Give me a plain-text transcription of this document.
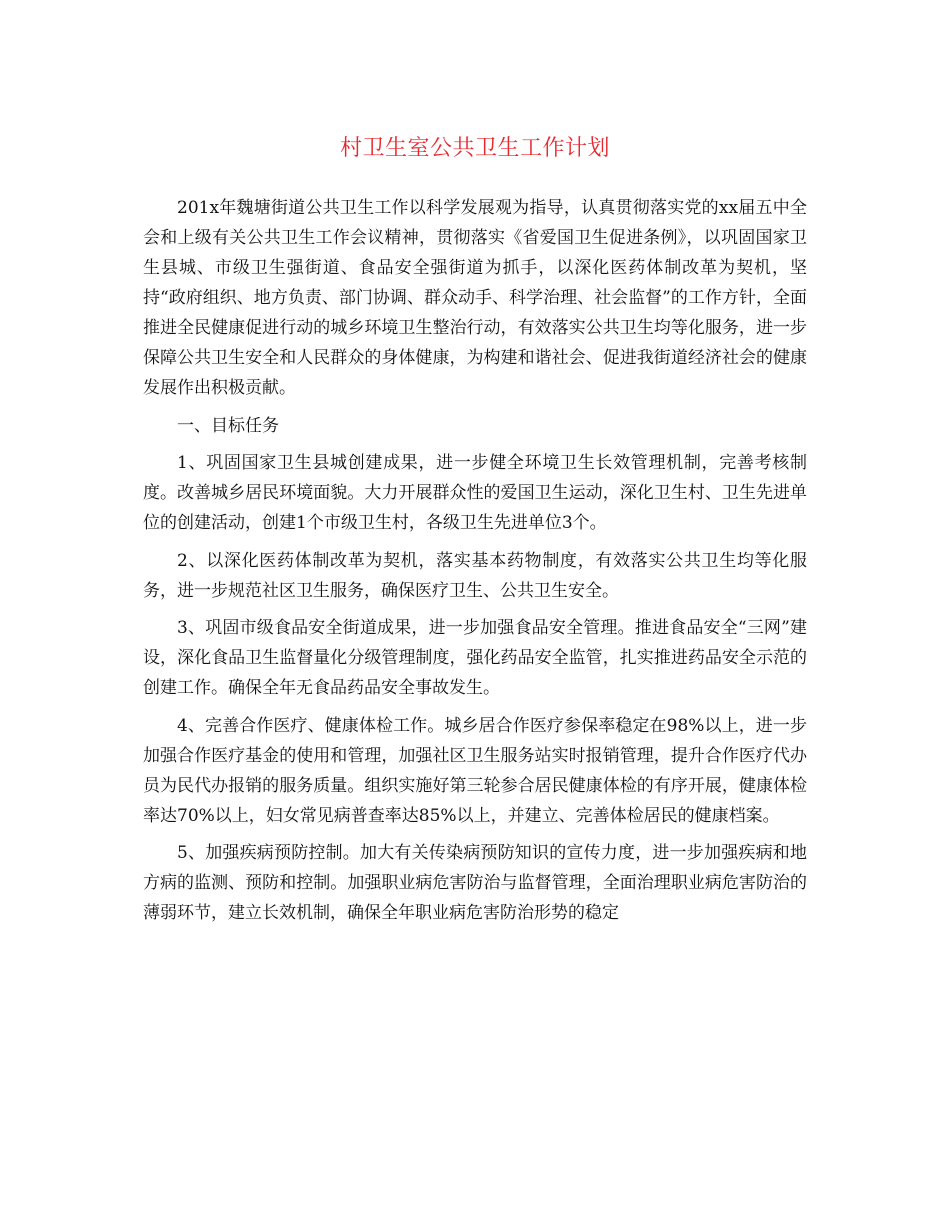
村卫生室公共卫生工作计划

201x年魏塘街道公共卫生工作以科学发展观为指导，认真贯彻落实党的xx届五中全会和上级有关公共卫生工作会议精神，贯彻落实《省爱国卫生促进条例》，以巩固国家卫生县城、市级卫生强街道、食品安全强街道为抓手，以深化医药体制改革为契机，坚持“政府组织、地方负责、部门协调、群众动手、科学治理、社会监督”的工作方针，全面推进全民健康促进行动的城乡环境卫生整治行动，有效落实公共卫生均等化服务，进一步保障公共卫生安全和人民群众的身体健康，为构建和谐社会、促进我街道经济社会的健康发展作出积极贡献。

一、目标任务

1、巩固国家卫生县城创建成果，进一步健全环境卫生长效管理机制，完善考核制度。改善城乡居民环境面貌。大力开展群众性的爱国卫生运动，深化卫生村、卫生先进单位的创建活动，创建1个市级卫生村，各级卫生先进单位3个。

2、以深化医药体制改革为契机，落实基本药物制度，有效落实公共卫生均等化服务，进一步规范社区卫生服务，确保医疗卫生、公共卫生安全。

3、巩固市级食品安全街道成果，进一步加强食品安全管理。推进食品安全“三网”建设，深化食品卫生监督量化分级管理制度，强化药品安全监管，扎实推进药品安全示范的创建工作。确保全年无食品药品安全事故发生。

4、完善合作医疗、健康体检工作。城乡居合作医疗参保率稳定在98%以上，进一步加强合作医疗基金的使用和管理，加强社区卫生服务站实时报销管理，提升合作医疗代办员为民代办报销的服务质量。组织实施好第三轮参合居民健康体检的有序开展，健康体检率达70%以上，妇女常见病普查率达85%以上，并建立、完善体检居民的健康档案。

5、加强疾病预防控制。加大有关传染病预防知识的宣传力度，进一步加强疾病和地方病的监测、预防和控制。加强职业病危害防治与监督管理，全面治理职业病危害防治的薄弱环节，建立长效机制，确保全年职业病危害防治形势的稳定
